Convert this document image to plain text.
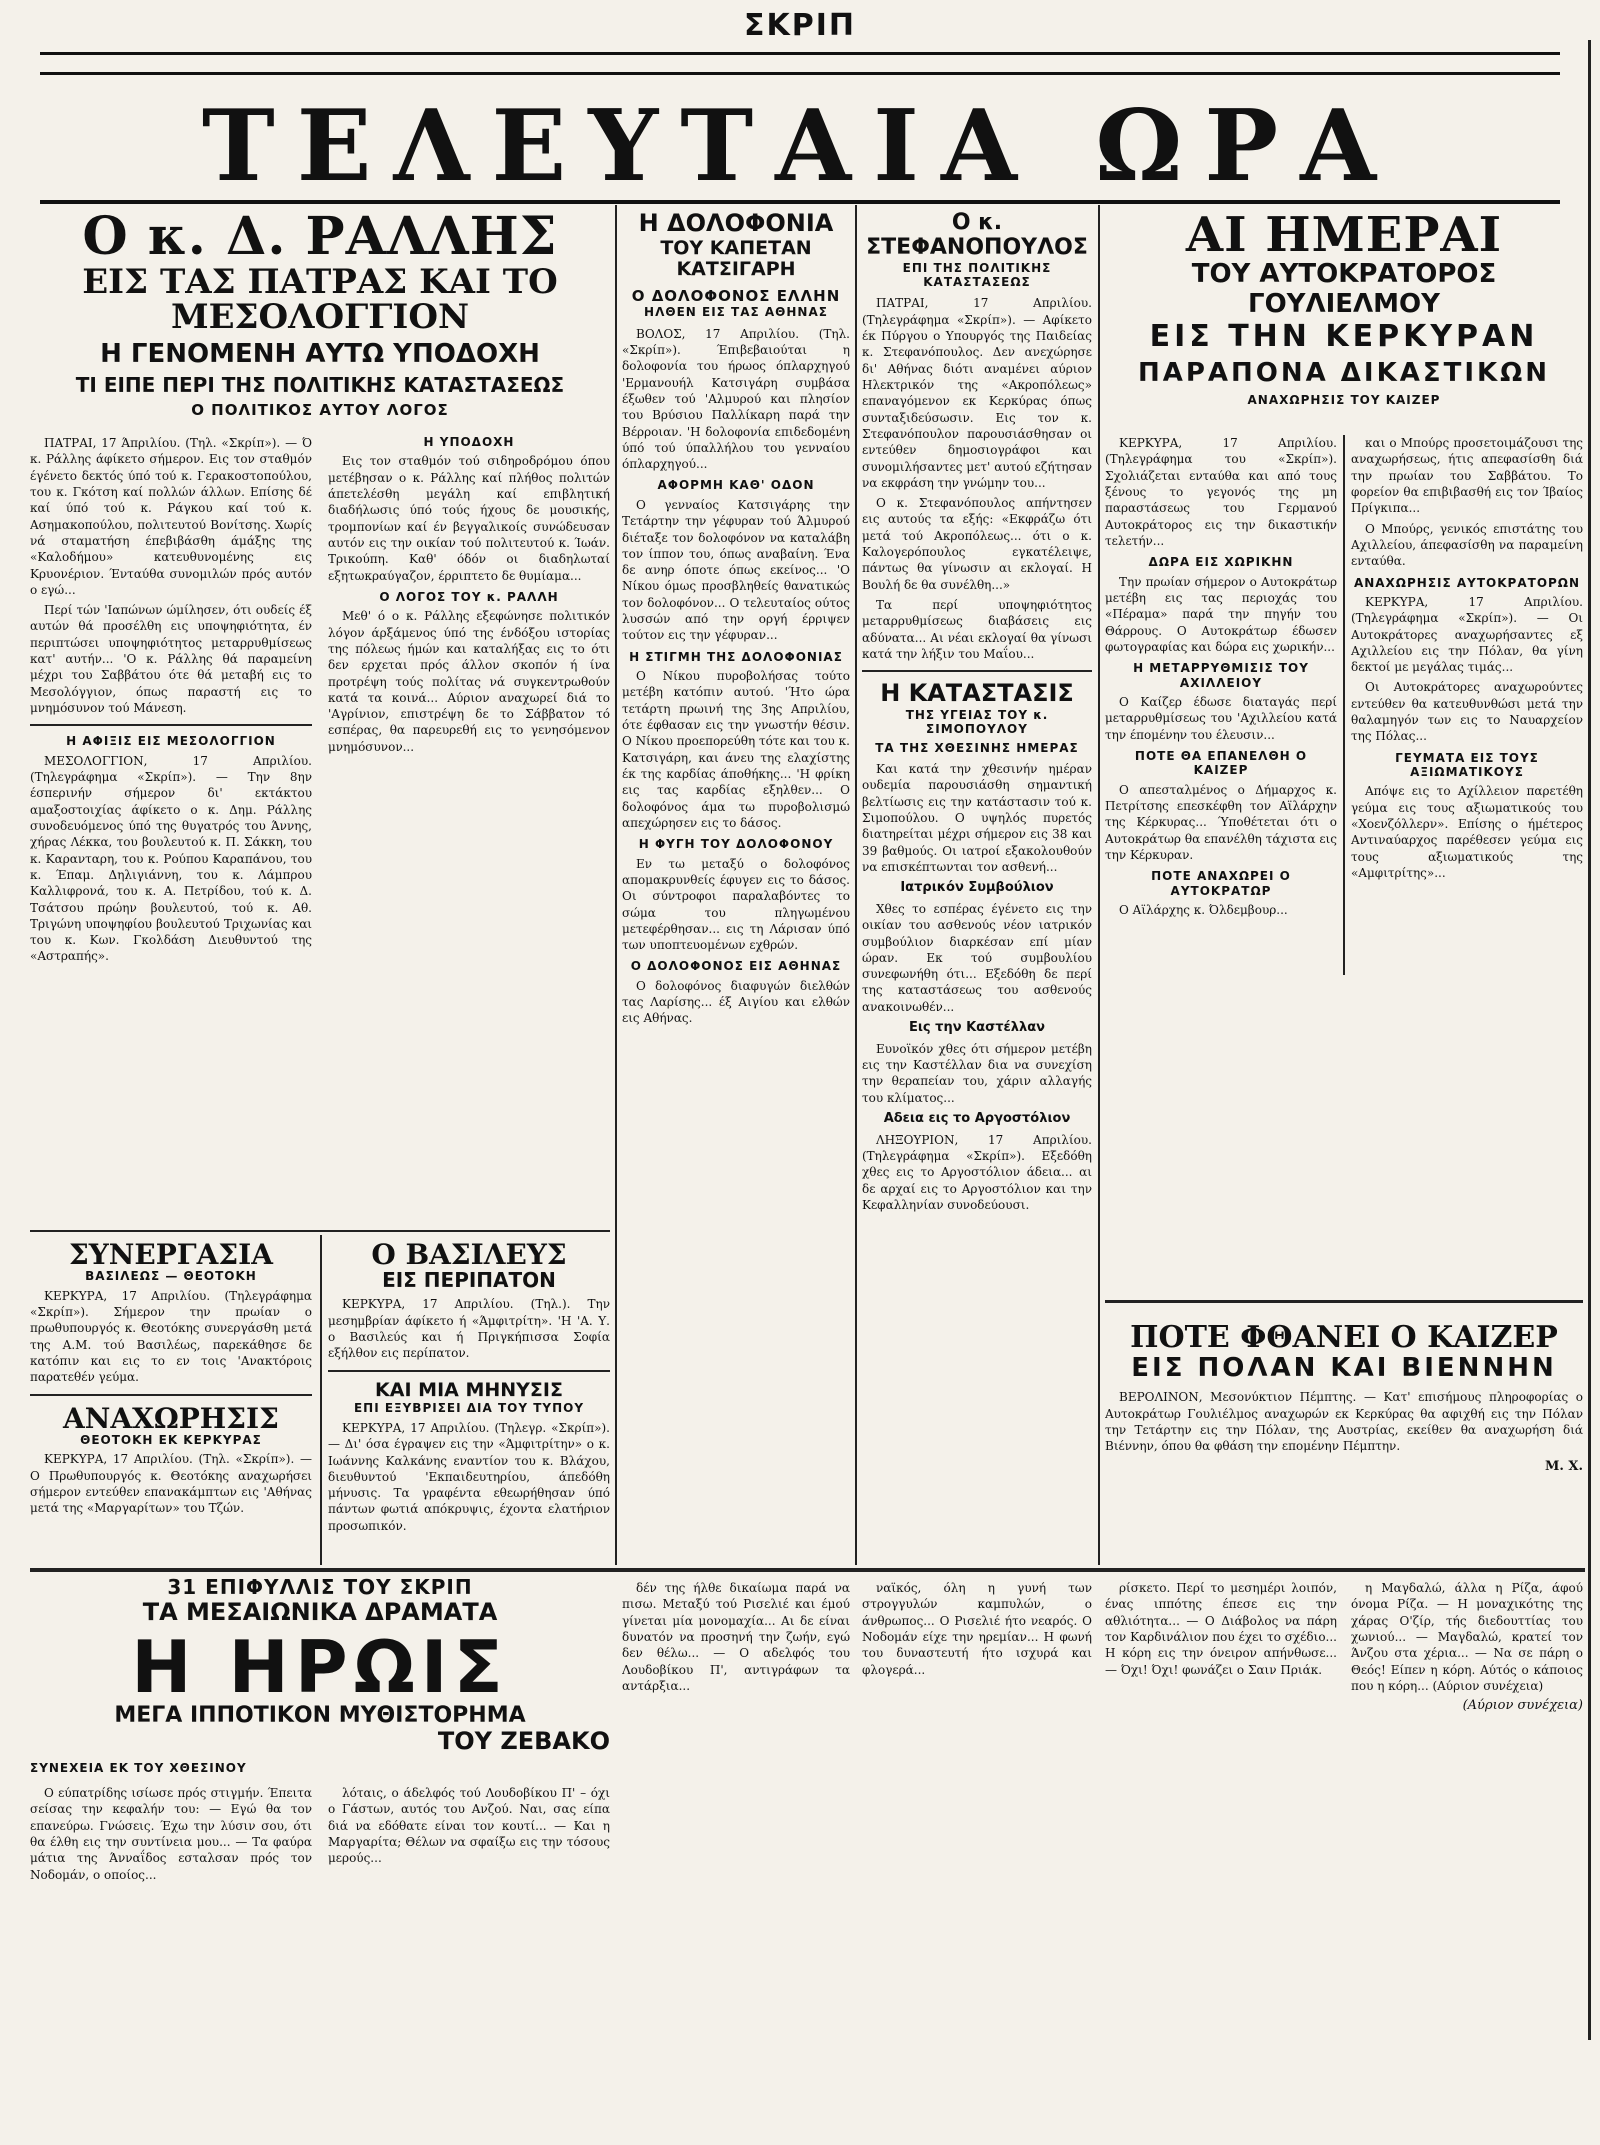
ΣΚΡΙΠ
ΤΕΛΕΥΤΑΙΑ ΩΡΑ
Ο κ. Δ. ΡΑΛΛΗΣ
ΕΙΣ ΤΑΣ ΠΑΤΡΑΣ ΚΑΙ ΤΟ ΜΕΣΟΛΟΓΓΙΟΝ
Η ΓΕΝΟΜΕΝΗ ΑΥΤΩ ΥΠΟΔΟΧΗ
ΤΙ ΕΙΠΕ ΠΕΡΙ ΤΗΣ ΠΟΛΙΤΙΚΗΣ ΚΑΤΑΣΤΑΣΕΩΣ
Ο ΠΟΛΙΤΙΚΟΣ ΑΥΤΟΥ ΛΟΓΟΣ

ΠΑΤΡΑΙ, 17 Άπριλίου. (Τηλ. «Σκρίπ»). — Ό κ. Ράλλης άφίκετο σήμερον. Εις τον σταθμόν έγένετο δεκτός ύπό τού κ. Γερακοστοπούλου, του κ. Γκότση καί πολλών άλλων. Επίσης δέ καί ύπό τού κ. Ράγκου καί τού κ. Ασημακοπούλου, πολιτευτού Βονίτσης. Χωρίς νά σταματήση έπεβιβάσθη άμάξης της «Καλοδήμου» κατευθυνομένης εις Κρυονέριον. Ένταύθα συνομιλών πρός αυτόν ο εγώ...

Περί τών 'Ιαπώνων ώμίλησεν, ότι ουδείς έξ αυτών θά προσέλθη εις υποψηφιότητα, έν περιπτώσει υποψηφιότητος μεταρρυθμίσεως κατ' αυτήν... 'Ο κ. Ράλλης θά παραμείνη μέχρι του Σαββάτου ότε θά μεταβή εις το Μεσολόγγιον, όπως παραστή εις το μνημόσυνον τού Μάνεση.

Η ΑΦΙΞΙΣ ΕΙΣ ΜΕΣΟΛΟΓΓΙΟΝ

ΜΕΣΟΛΟΓΓΙΟΝ, 17 Απριλίου. (Τηλεγράφημα «Σκρίπ»). — Την 8ην έσπερινήν σήμερον δι' εκτάκτου αμαξοστοιχίας άφίκετο ο κ. Δημ. Ράλλης συνοδευόμενος ύπό της θυγατρός του Άννης, χήρας Λέκκα, του βουλευτού κ. Π. Σάκκη, του κ. Καρανταρη, του κ. Ρούπου Καραπάνου, του κ. Έπαμ. Δηλιγιάννη, του κ. Λάμπρου Καλλιφρονά, του κ. Α. Πετρίδου, τού κ. Δ. Τσάτσου πρώην βουλευτού, τού κ. Αθ. Τριγώνη υποψηφίου βουλευτού Τριχωνίας και του κ. Κων. Γκολδάση Διευθυντού της «Αστραπής».

Η ΥΠΟΔΟΧΗ

Εις τον σταθμόν τού σιδηροδρόμου όπου μετέβησαν ο κ. Ράλλης καί πλήθος πολιτών άπετελέσθη μεγάλη καί επιβλητική διαδήλωσις ύπό τούς ήχους δε μουσικής, τρομπονίων καί έν βεγγαλικοίς συνώδευσαν αυτόν εις την οικίαν τού πολιτευτού κ. Ίωάν. Τρικούπη. Καθ' όδόν οι διαδηλωταί εξητωκραύγαζον, έρριπτετο δε θυμίαμα...

Ο ΛΟΓΟΣ ΤΟΥ κ. ΡΑΛΛΗ

Μεθ' ό ο κ. Ράλλης εξεφώνησε πολιτικόν λόγον άρξάμενος ύπό της ένδόξου ιστορίας της πόλεως ήμών και καταλήξας εις το ότι δεν ερχεται πρός άλλον σκοπόν ή ίνα προτρέψη τούς πολίτας νά συγκεντρωθούν κατά τα κοινά... Αύριον αναχωρεί διά το 'Αγρίνιον, επιστρέψη δε το Σάββατον τό εσπέρας, θα παρευρεθή εις το γενησόμενον μνημόσυνον...

ΣΥΝΕΡΓΑΣΙΑ
ΒΑΣΙΛΕΩΣ — ΘΕΟΤΟΚΗ

ΚΕΡΚΥΡΑ, 17 Απριλίου. (Τηλεγράφημα «Σκρίπ»). Σήμερον την πρωίαν ο πρωθυπουργός κ. Θεοτόκης συνεργάσθη μετά της Α.Μ. τού Βασιλέως, παρεκάθησε δε κατόπιν και εις το εν τοις 'Ανακτόροις παρατεθέν γεύμα.

ΑΝΑΧΩΡΗΣΙΣ
ΘΕΟΤΟΚΗ ΕΚ ΚΕΡΚΥΡΑΣ

ΚΕΡΚΥΡΑ, 17 Απριλίου. (Τηλ. «Σκρίπ»). — Ο Πρωθυπουργός κ. Θεοτόκης αναχωρήσει σήμερον εντεύθεν επανακάμπτων εις 'Αθήνας μετά της «Μαργαρίτων» του Τζών.

Ο ΒΑΣΙΛΕΥΣ
ΕΙΣ ΠΕΡΙΠΑΤΟΝ

ΚΕΡΚΥΡΑ, 17 Απριλίου. (Τηλ.). Την μεσημβρίαν άφίκετο ή «Άμφιτρίτη». 'Η 'Α. Υ. ο Βασιλεύς και ή Πριγκήπισσα Σοφία εξήλθον εις περίπατον.

ΚΑΙ ΜΙΑ ΜΗΝΥΣΙΣ
ΕΠΙ ΕΞΥΒΡΙΣΕΙ ΔΙΑ ΤΟΥ ΤΥΠΟΥ

ΚΕΡΚΥΡΑ, 17 Απριλίου. (Τηλεγρ. «Σκρίπ»). — Δι' όσα έγραψεν εις την «Άμφιτρίτην» ο κ. Ιωάννης Καλκάνης εναντίον του κ. Βλάχου, διευθυντού 'Εκπαιδευτηρίου, άπεδόθη μήνυσις. Τα γραφέντα εθεωρήθησαν ύπό πάντων φωτιά απόκρυψις, έχοντα ελατήριον προσωπικόν.

Η ΔΟΛΟΦΟΝΙΑ
ΤΟΥ ΚΑΠΕΤΑΝ ΚΑΤΣΙΓΑΡΗ
Ο ΔΟΛΟΦΟΝΟΣ ΕΛΛΗΝ
ΗΛΘΕΝ ΕΙΣ ΤΑΣ ΑΘΗΝΑΣ

ΒΟΛΟΣ, 17 Απριλίου. (Τηλ. «Σκρίπ»). Έπιβεβαιούται η δολοφονία του ήρωος όπλαρχηγού 'Ερμανουήλ Κατσιγάρη συμβάσα έξωθεν τού 'Αλμυρού και πλησίον του Βρύσιου Παλλίκαρη παρά την Βέρροιαν. 'Η δολοφονία επιδεδομένη ύπό τού ύπαλλήλου του γενναίου όπλαρχηγού...

ΑΦΟΡΜΗ ΚΑΘ' ΟΔΟΝ

Ο γενναίος Κατσιγάρης την Τετάρτην την γέφυραν τού Άλμυρού διέταξε τον δολοφόνον να καταλάβη τον ίππον του, όπως αναβαίνη. Ένα δε ανηρ όποτε όπως εκείνος... 'Ο Νίκου όμως προσβληθείς θανατικώς τον δολοφόνον... Ο τελευταίος ούτος λυσσών από την οργή έρριψεν τούτον εις την γέφυραν...

Η ΣΤΙΓΜΗ ΤΗΣ ΔΟΛΟΦΟΝΙΑΣ

Ο Νίκου πυροβολήσας τούτο μετέβη κατόπιν αυτού. 'Ήτο ώρα τετάρτη πρωινή της 3ης Απριλίου, ότε έφθασαν εις την γνωστήν θέσιν. Ο Νίκου προεπορεύθη τότε και του κ. Κατσιγάρη, και άνευ της ελαχίστης έκ της καρδίας άποθήκης... 'Η φρίκη εις τας καρδίας εξηλθεν... Ο δολοφόνος άμα τω πυροβολισμώ απεχώρησεν εις το δάσος.

Η ΦΥΓΗ ΤΟΥ ΔΟΛΟΦΟΝΟΥ

Εν τω μεταξύ ο δολοφόνος απομακρυνθείς έφυγεν εις το δάσος. Οι σύντροφοι παραλαβόντες το σώμα του πληγωμένου μετεφέρθησαν... εις τη Λάρισαν ύπό των υποπτευομένων εχθρών.

Ο ΔΟΛΟΦΟΝΟΣ ΕΙΣ ΑΘΗΝΑΣ

Ο δολοφόνος διαφυγών διελθών τας Λαρίσης... έξ Αιγίου και ελθών εις Αθήνας.

Ο κ. ΣΤΕΦΑΝΟΠΟΥΛΟΣ
ΕΠΙ ΤΗΣ ΠΟΛΙΤΙΚΗΣ ΚΑΤΑΣΤΑΣΕΩΣ

ΠΑΤΡΑΙ, 17 Απριλίου. (Τηλεγράφημα «Σκρίπ»). — Αφίκετο έκ Πύργου ο Υπουργός της Παιδείας κ. Στεφανόπουλος. Δεν ανεχώρησε δι' Αθήνας διότι αναμένει αύριον Ηλεκτρικόν της «Ακροπόλεως» επαναγόμενον εκ Κερκύρας όπως συνταξιδεύσωσιν. Εις τον κ. Στεφανόπουλον παρουσιάσθησαν οι εντεύθεν δημοσιογράφοι και συνομιλήσαντες μετ' αυτού εζήτησαν να εκφράση την γνώμην του...

Ο κ. Στεφανόπουλος απήντησεν εις αυτούς τα εξής: «Εκφράζω ότι μετά τού Ακροπόλεως... ότι ο κ. Καλογερόπουλος εγκατέλειψε, πάντως θα γίνωσιν αι εκλογαί. Η Βουλή δε θα συνέλθη...»

Τα περί υποψηφιότητος μεταρρυθμίσεως διαβάσεις εις αδύνατα... Αι νέαι εκλογαί θα γίνωσι κατά την λήξιν του Μαΐου...

Η ΚΑΤΑΣΤΑΣΙΣ
ΤΗΣ ΥΓΕΙΑΣ ΤΟΥ κ. ΣΙΜΟΠΟΥΛΟΥ
ΤΑ ΤΗΣ ΧΘΕΣΙΝΗΣ ΗΜΕΡΑΣ

Και κατά την χθεσινήν ημέραν ουδεμία παρουσιάσθη σημαντική βελτίωσις εις την κατάστασιν τού κ. Σιμοπούλου. Ο υψηλός πυρετός διατηρείται μέχρι σήμερον εις 38 και 39 βαθμούς. Οι ιατροί εξακολουθούν να επισκέπτωνται τον ασθενή...

Ιατρικόν Συμβούλιον

Χθες το εσπέρας έγένετο εις την οικίαν του ασθενούς νέον ιατρικόν συμβούλιον διαρκέσαν επί μίαν ώραν. Εκ τού συμβουλίου συνεφωνήθη ότι... Εξεδόθη δε περί της καταστάσεως του ασθενούς ανακοινωθέν...

Εις την Καστέλλαν

Ευνοϊκόν χθες ότι σήμερον μετέβη εις την Καστέλλαν δια να συνεχίση την θεραπείαν του, χάριν αλλαγής του κλίματος...

Αδεια εις το Αργοστόλιον

ΛΗΞΟΥΡΙΟΝ, 17 Απριλίου. (Τηλεγράφημα «Σκρίπ»). Εξεδόθη χθες εις το Αργοστόλιον άδεια... αι δε αρχαί εις το Αργοστόλιον και την Κεφαλληνίαν συνοδεύουσι.

ΑΙ ΗΜΕΡΑΙ
ΤΟΥ ΑΥΤΟΚΡΑΤΟΡΟΣ ΓΟΥΛΙΕΛΜΟΥ
ΕΙΣ ΤΗΝ ΚΕΡΚΥΡΑΝ
ΠΑΡΑΠΟΝΑ ΔΙΚΑΣΤΙΚΩΝ
ΑΝΑΧΩΡΗΣΙΣ ΤΟΥ ΚΑΙΖΕΡ

ΚΕΡΚΥΡΑ, 17 Απριλίου. (Τηλεγράφημα του «Σκρίπ»). Σχολιάζεται ενταύθα και από τους ξένους το γεγονός της μη παραστάσεως του Γερμανού Αυτοκράτορος εις την δικαστικήν τελετήν...

ΔΩΡΑ ΕΙΣ ΧΩΡΙΚΗΝ

Την πρωίαν σήμερον ο Αυτοκράτωρ μετέβη εις τας περιοχάς του «Πέραμα» παρά την πηγήν του Θάρρους. Ο Αυτοκράτωρ έδωσεν φωτογραφίας και δώρα εις χωρικήν...

Η ΜΕΤΑΡΡΥΘΜΙΣΙΣ ΤΟΥ ΑΧΙΛΛΕΙΟΥ

Ο Καίζερ έδωσε διαταγάς περί μεταρρυθμίσεως του 'Αχιλλείου κατά την έπομένην του έλευσιν...

ΠΟΤΕ ΘΑ ΕΠΑΝΕΛΘΗ Ο ΚΑΙΖΕΡ

Ο απεσταλμένος ο Δήμαρχος κ. Πετρίτσης επεσκέφθη τον Αϊλάρχην της Κέρκυρας... Ύποθέτεται ότι ο Αυτοκράτωρ θα επανέλθη τάχιστα εις την Κέρκυραν.

ΠΟΤΕ ΑΝΑΧΩΡΕΙ Ο ΑΥΤΟΚΡΑΤΩΡ

Ο Αϊλάρχης κ. Όλδεμβουρ...

και ο Μπούρς προσετοιμάζουσι της αναχωρήσεως, ήτις απεφασίσθη διά την πρωίαν του Σαββάτου. Το φορείον θα επιβιβασθή εις τον Ίβαίος Πρίγκιπα...

Ο Μπούρς, γενικός επιστάτης του Αχιλλείου, άπεφασίσθη να παραμείνη ενταύθα.

ΑΝΑΧΩΡΗΣΙΣ ΑΥΤΟΚΡΑΤΟΡΩΝ

ΚΕΡΚΥΡΑ, 17 Απριλίου. (Τηλεγράφημα «Σκρίπ»). — Οι Αυτοκράτορες αναχωρήσαντες εξ Αχιλλείου εις την Πόλαν, θα γίνη δεκτοί με μεγάλας τιμάς...

Οι Αυτοκράτορες αναχωρούντες εντεύθεν θα κατευθυνθώσι μετά την θαλαμηγόν των εις το Ναυαρχείον της Πόλας...

ΓΕΥΜΑΤΑ ΕΙΣ ΤΟΥΣ ΑΞΙΩΜΑΤΙΚΟΥΣ

Απόψε εις το Αχίλλειον παρετέθη γεύμα εις τους αξιωματικούς του «Χοενζόλλερν». Επίσης ο ήμέτερος Αντιναύαρχος παρέθεσεν γεύμα εις τους αξιωματικούς της «Αμφιτρίτης»...

ΠΟΤΕ ΦΘΑΝΕΙ Ο ΚΑΙΖΕΡ
ΕΙΣ ΠΟΛΑΝ ΚΑΙ ΒΙΕΝΝΗΝ

ΒΕΡΟΛΙΝΟΝ, Μεσονύκτιον Πέμπτης. — Κατ' επισήμους πληροφορίας ο Αυτοκράτωρ Γουλιέλμος αναχωρών εκ Κερκύρας θα αφιχθή εις την Πόλαν την Τετάρτην εις την Πόλαν, της Αυστρίας, εκείθεν θα αναχωρήση διά Βιέννην, όπου θα φθάση την επομένην Πέμπτην.

Μ. Χ.
31 ΕΠΙΦΥΛΛΙΣ ΤΟΥ ΣΚΡΙΠ
ΤΑ ΜΕΣΑΙΩΝΙΚΑ ΔΡΑΜΑΤΑ
Η ΗΡΩΙΣ
ΜΕΓΑ ΙΠΠΟΤΙΚΟΝ ΜΥΘΙΣΤΟΡΗΜΑ
ΤΟΥ ΖΕΒΑΚΟ
ΣΥΝΕΧΕΙΑ ΕΚ ΤΟΥ ΧΘΕΣΙΝΟΥ

Ο εύπατρίδης ισίωσε πρός στιγμήν. Έπειτα σείσας την κεφαλήν του: — Εγώ θα τον επανεύρω. Γνώσεις. Έχω την λύσιν σου, ότι θα έλθη εις την συντίνεια μου... — Τα φαύρα μάτια της Άνναΐδος εσταλσαν πρός τον Νοδομάν, ο οποίος...

λόταις, ο άδελφός τού Λουδοβίκου Π' – όχι ο Γάστων, αυτός του Ανζού. Ναι, σας είπα διά να εδόθατε είναι τον κουτί... — Και η Μαργαρίτα; Θέλων να σφαίξω εις την τόσους μερούς...

δέν της ήλθε δικαίωμα παρά να πισω. Μεταξύ τού Ρισελιέ και έμού γίνεται μία μονομαχία... Αι δε είναι δυνατόν να προσηνή την ζωήν, εγώ δεν θέλω... — Ο αδελφός του Λουδοβίκου Π', αντιγράφων τα αντάρξια...

ναϊκός, όλη η γυνή των στρογγυλών καμπυλών, ο άνθρωπος... Ο Ρισελιέ ήτο νεαρός. Ο Νοδομάν είχε την ηρεμίαν... Η φωνή του δυναστευτή ήτο ισχυρά και φλογερά...

ρίσκετο. Περί το μεσημέρι λοιπόν, ένας ιππότης έπεσε εις την αθλιότητα... — Ο Διάβολος να πάρη τον Καρδινάλιον που έχει το σχέδιο... Η κόρη εις την όνειρον απήνθωσε... — Όχι! Όχι! φωνάζει ο Σαιν Πριάκ.

η Μαγδαλώ, άλλα η Ρίζα, άφού όνομα Ρίζα. — Η μοναχικότης της χάρας Ο'ζίρ, τής διεδουττίας του χωνιού... — Μαγδαλώ, κρατεί τον Άνζου στα χέρια... — Να σε πάρη ο Θεός! Είπεν η κόρη. Αύτός ο κάποιος που η κόρη... (Αύριον συνέχεια)

(Αύριον συνέχεια)
